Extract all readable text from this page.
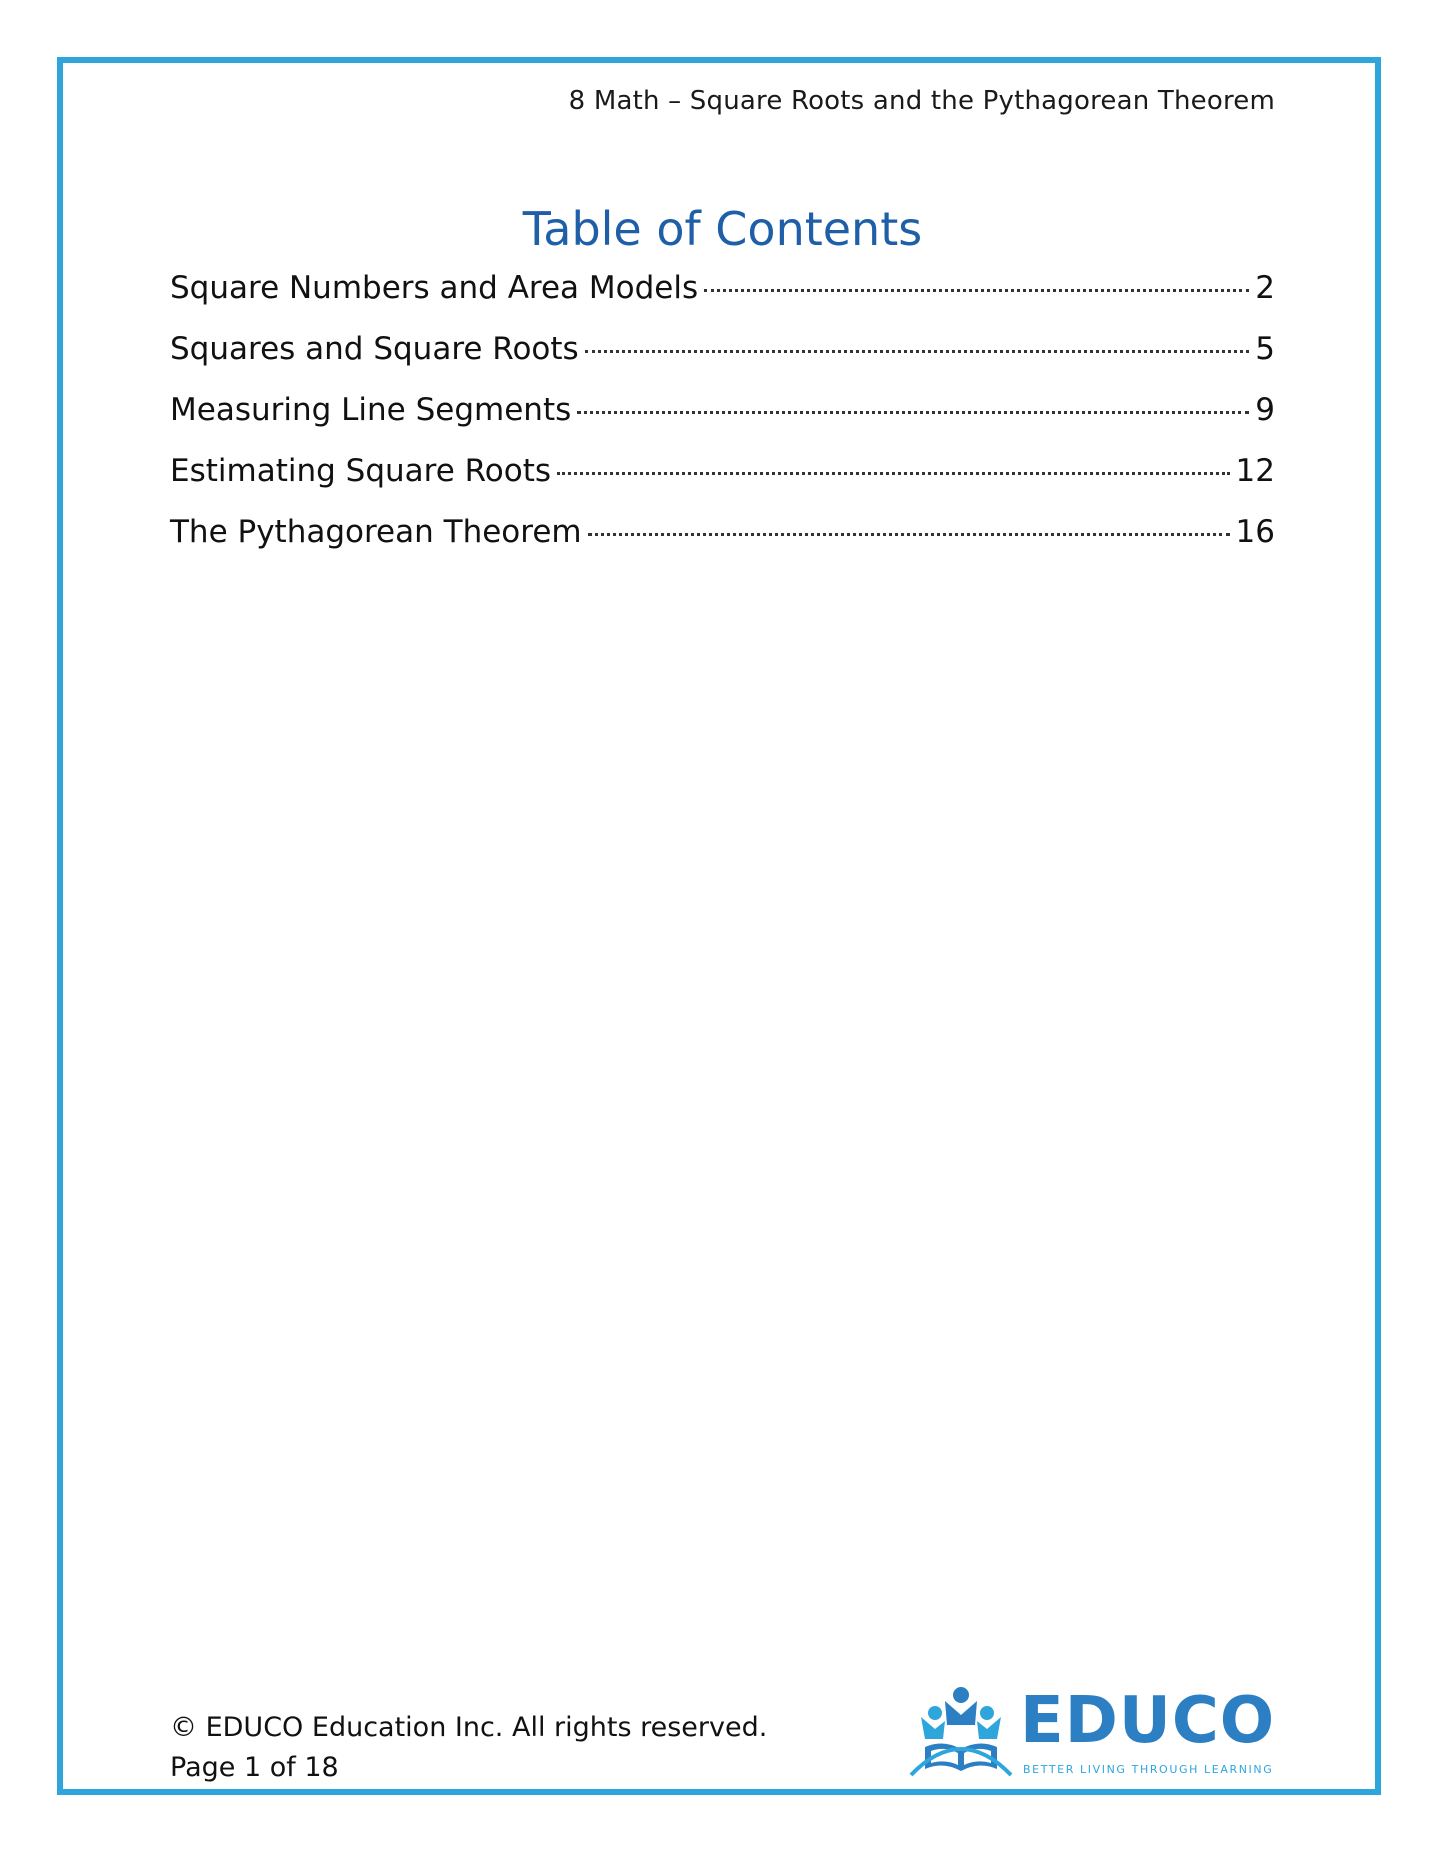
8 Math – Square Roots and the Pythagorean Theorem
Table of Contents
Square Numbers and Area Models	2
Squares and Square Roots	5
Measuring Line Segments	9
Estimating Square Roots	12
The Pythagorean Theorem	16
© EDUCO Education Inc. All rights reserved.
Page 1 of 18
EDUCO
BETTER LIVING THROUGH LEARNING
